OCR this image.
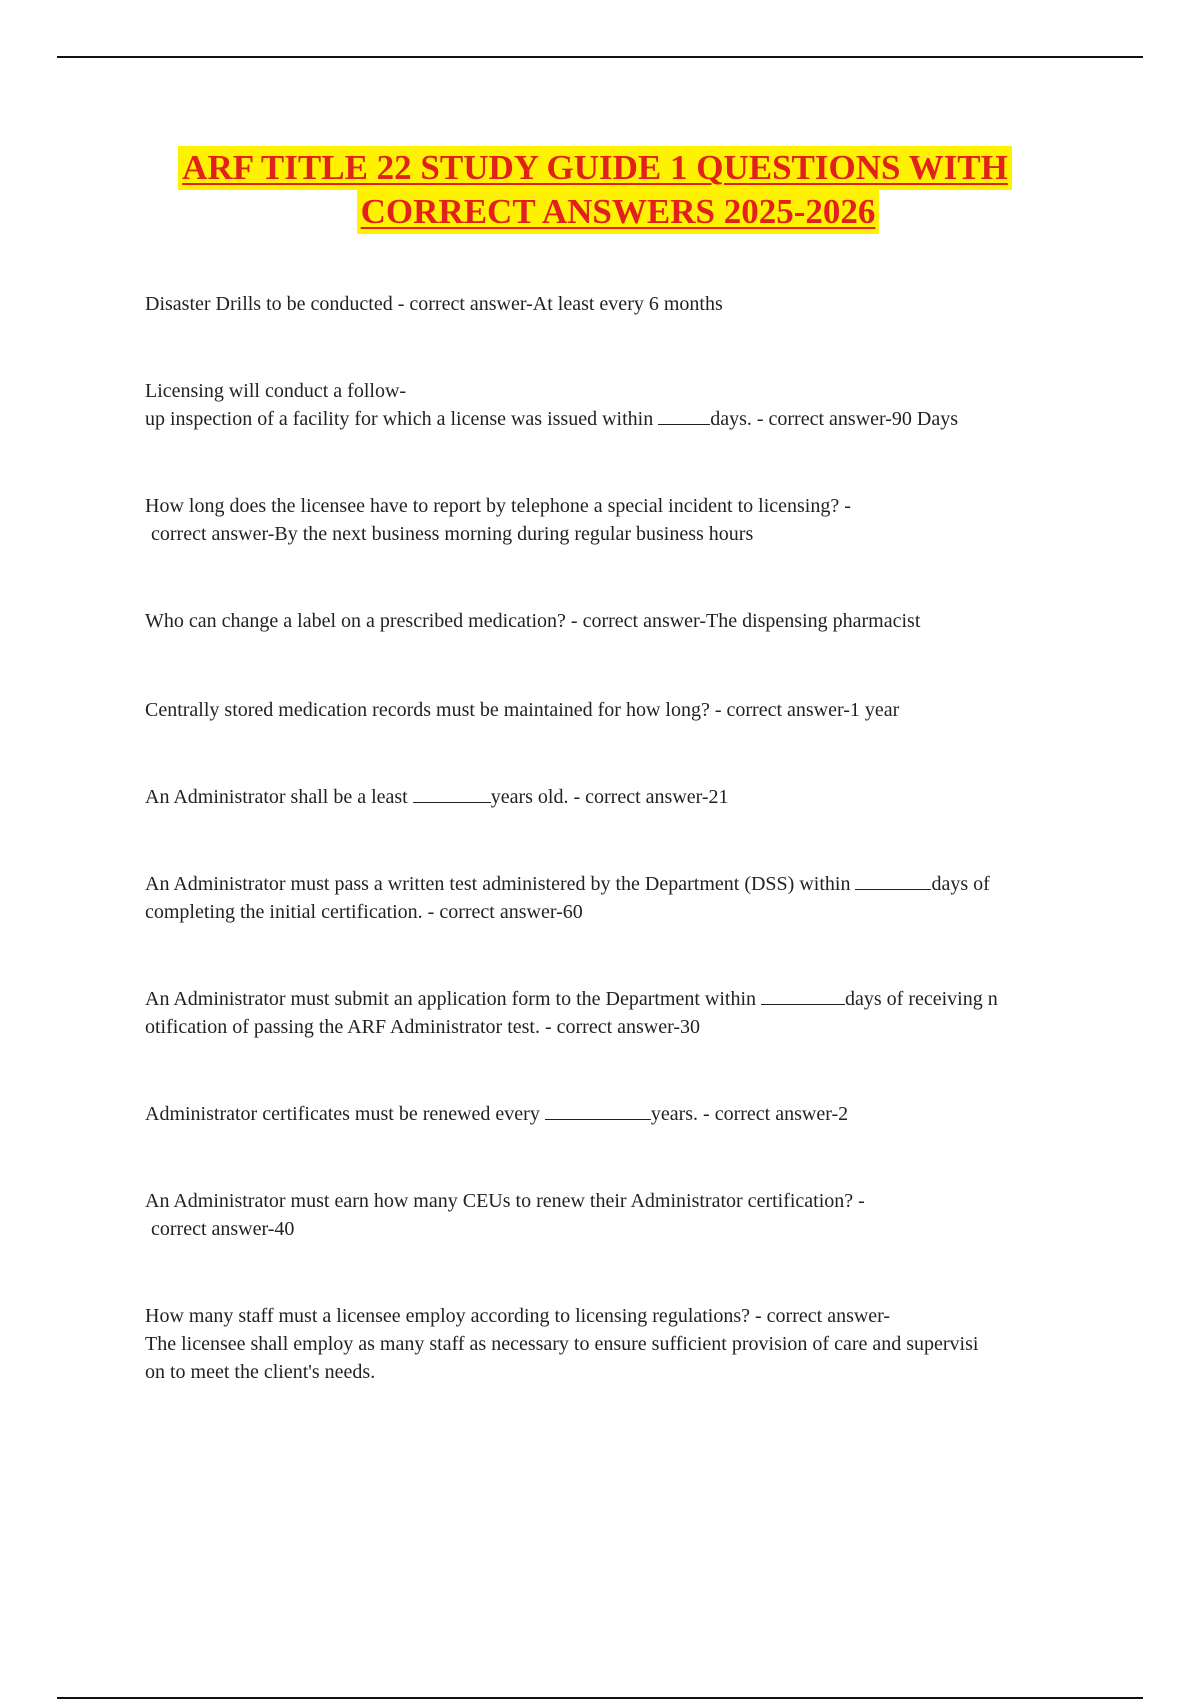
ARF TITLE 22 STUDY GUIDE 1 QUESTIONS WITH
CORRECT ANSWERS 2025-2026
Disaster Drills to be conducted - correct answer-At least every 6 months
Licensing will conduct a follow-
up inspection of a facility for which a license was issued within	days. - correct answer-90 Days
How long does the licensee have to report by telephone a special incident to licensing? -
correct answer-By the next business morning during regular business hours
Who can change a label on a prescribed medication? - correct answer-The dispensing pharmacist
Centrally stored medication records must be maintained for how long? - correct answer-1 year
An Administrator shall be a least	years old. - correct answer-21
An Administrator must pass a written test administered by the Department (DSS) within	days of
completing the initial certification. - correct answer-60
An Administrator must submit an application form to the Department within	days of receiving n
otification of passing the ARF Administrator test. - correct answer-30
Administrator certificates must be renewed every	years. - correct answer-2
An Administrator must earn how many CEUs to renew their Administrator certification? -
correct answer-40
How many staff must a licensee employ according to licensing regulations? - correct answer-
The licensee shall employ as many staff as necessary to ensure sufficient provision of care and supervisi
on to meet the client's needs.
